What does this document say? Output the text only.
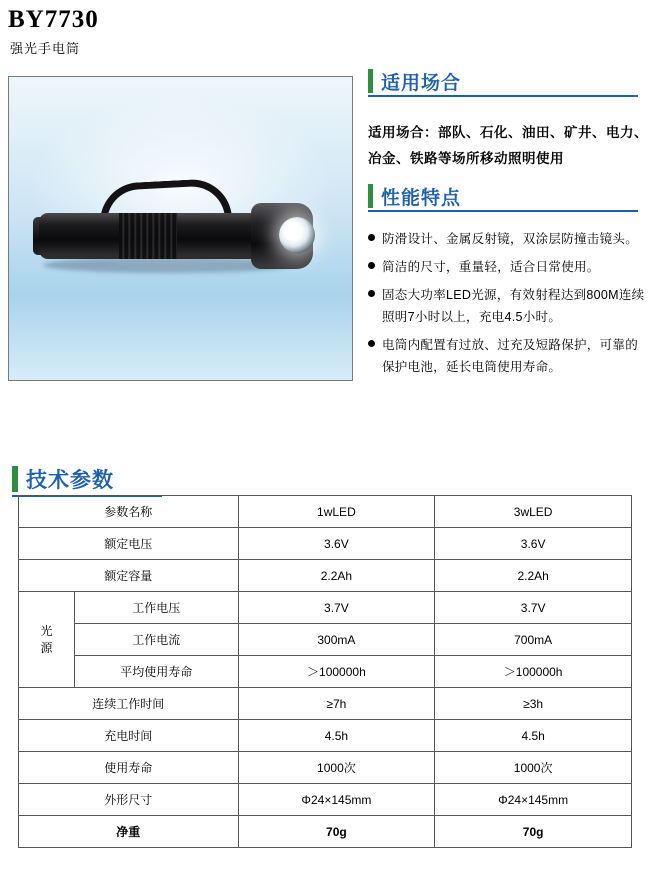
BY7730
强光手电筒
适用场合
适用场合：部队、石化、油田、矿井、电力、冶金、铁路等场所移动照明使用
性能特点
防滑设计、金属反射镜，双涂层防撞击镜头。
简洁的尺寸，重量轻，适合日常使用。
固态大功率LED光源，有效射程达到800M连续照明7小时以上，充电4.5小时。
电筒内配置有过放、过充及短路保护，可靠的保护电池，延长电筒使用寿命。
技术参数
参数名称		1wLED	3wLED
额定电压		3.6V	3.6V
额定容量		2.2Ah	2.2Ah
光
源	工作电压	3.7V	3.7V
	工作电流	300mA	700mA
	平均使用寿命	＞100000h	＞100000h
连续工作时间		≥7h	≥3h
充电时间		4.5h	4.5h
使用寿命		1000次	1000次
外形尺寸		Φ24×145mm	Φ24×145mm
净重		70g	70g
